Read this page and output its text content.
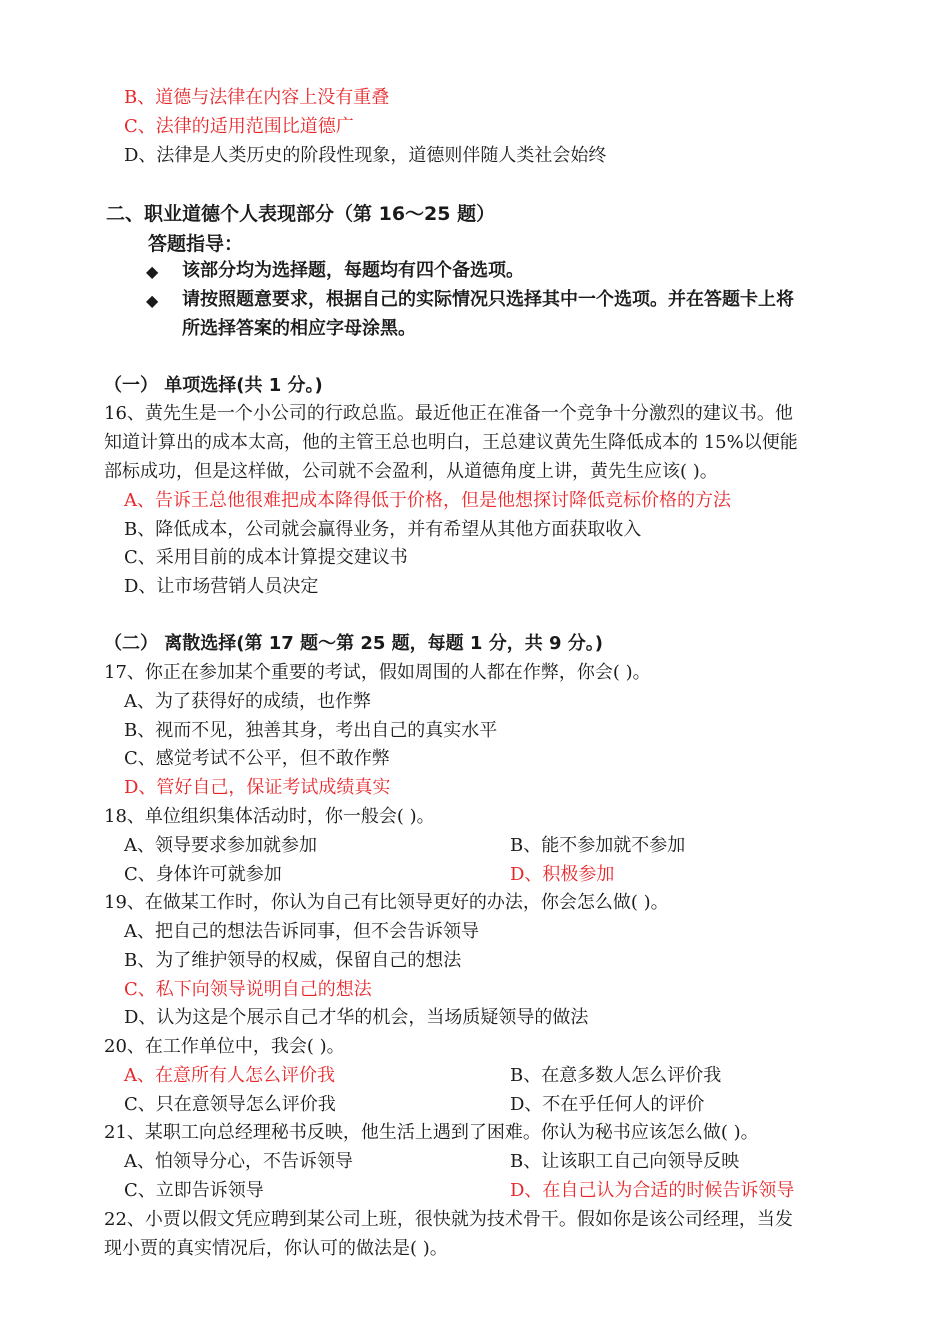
B、道德与法律在内容上没有重叠
C、法律的适用范围比道德广
D、法律是人类历史的阶段性现象，道德则伴随人类社会始终
二、职业道德个人表现部分（第 16～25 题）
答题指导：
◆ 该部分均为选择题，每题均有四个备选项。
◆ 请按照题意要求，根据自己的实际情况只选择其中一个选项。并在答题卡上将
所选择答案的相应字母涂黑。
（一） 单项选择(共 1 分。)
16、黄先生是一个小公司的行政总监。最近他正在准备一个竞争十分激烈的建议书。他
知道计算出的成本太高，他的主管王总也明白，王总建议黄先生降低成本的 15%以便能
部标成功，但是这样做，公司就不会盈利，从道德角度上讲，黄先生应该( )。
A、告诉王总他很难把成本降得低于价格，但是他想探讨降低竞标价格的方法
B、降低成本，公司就会赢得业务，并有希望从其他方面获取收入
C、采用目前的成本计算提交建议书
D、让市场营销人员决定
（二） 离散选择(第 17 题～第 25 题，每题 1 分，共 9 分。)
17、你正在参加某个重要的考试，假如周围的人都在作弊，你会( )。
A、为了获得好的成绩，也作弊
B、视而不见，独善其身，考出自己的真实水平
C、感觉考试不公平，但不敢作弊
D、管好自己，保证考试成绩真实
18、单位组织集体活动时，你一般会( )。
A、领导要求参加就参加	B、能不参加就不参加
C、身体许可就参加	D、积极参加
19、在做某工作时，你认为自己有比领导更好的办法，你会怎么做( )。
A、把自己的想法告诉同事，但不会告诉领导
B、为了维护领导的权威，保留自己的想法
C、私下向领导说明自己的想法
D、认为这是个展示自己才华的机会，当场质疑领导的做法
20、在工作单位中，我会( )。
A、在意所有人怎么评价我	B、在意多数人怎么评价我
C、只在意领导怎么评价我	D、不在乎任何人的评价
21、某职工向总经理秘书反映，他生活上遇到了困难。你认为秘书应该怎么做( )。
A、怕领导分心，不告诉领导	B、让该职工自己向领导反映
C、立即告诉领导	D、在自己认为合适的时候告诉领导
22、小贾以假文凭应聘到某公司上班，很快就为技术骨干。假如你是该公司经理，当发
现小贾的真实情况后，你认可的做法是( )。
